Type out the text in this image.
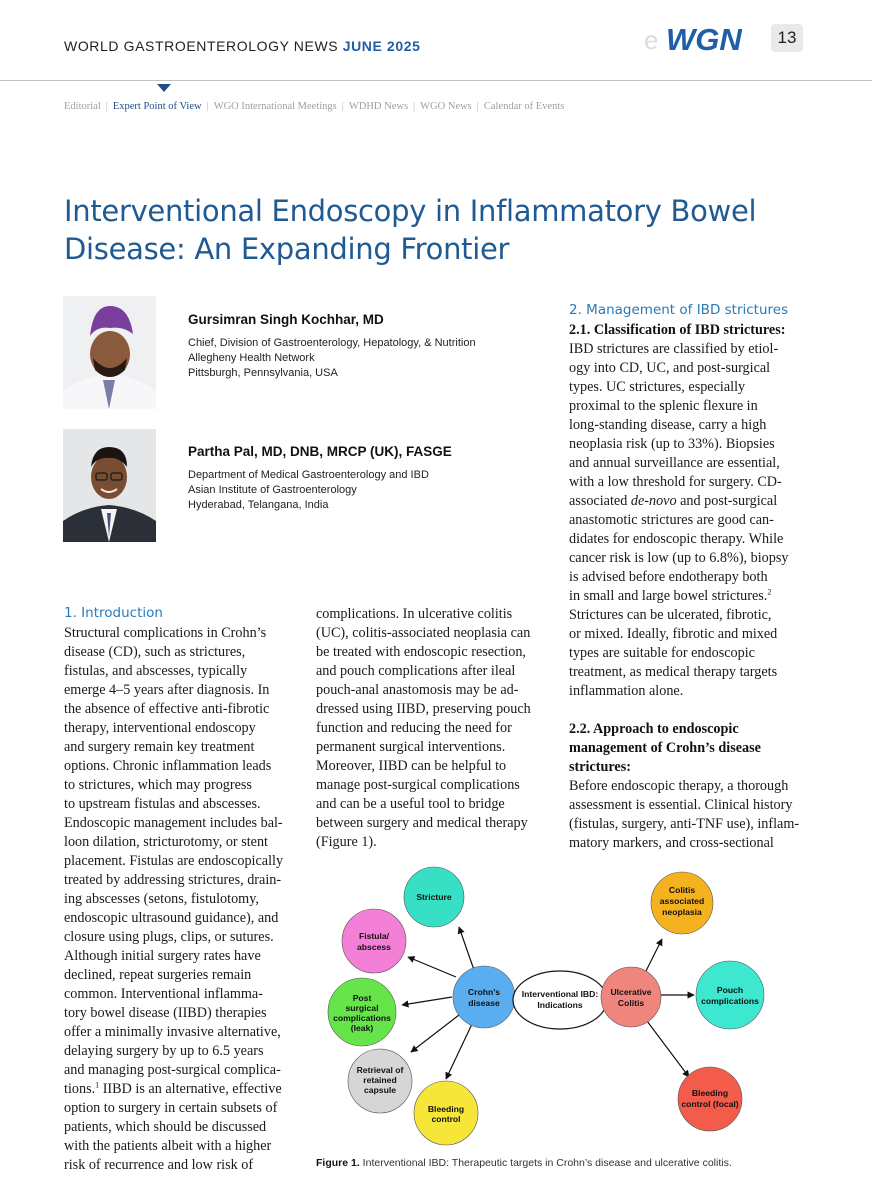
WORLD GASTROENTEROLOGY NEWS JUNE 2025	e WGN	13
Editorial | Expert Point of View | WGO International Meetings | WDHD News | WGO News | Calendar of Events
Interventional Endoscopy in Inflammatory Bowel Disease: An Expanding Frontier
Gursimran Singh Kochhar, MD
Chief, Division of Gastroenterology, Hepatology, & Nutrition
Allegheny Health Network
Pittsburgh, Pennsylvania, USA
Partha Pal, MD, DNB, MRCP (UK), FASGE
Department of Medical Gastroenterology and IBD
Asian Institute of Gastroenterology
Hyderabad, Telangana, India
1. Introduction
Structural complications in Crohn’s
disease (CD), such as strictures,
fistulas, and abscesses, typically
emerge 4–5 years after diagnosis. In
the absence of effective anti-fibrotic
therapy, interventional endoscopy
and surgery remain key treatment
options. Chronic inflammation leads
to strictures, which may progress
to upstream fistulas and abscesses.
Endoscopic management includes bal-
loon dilation, stricturotomy, or stent
placement. Fistulas are endoscopically
treated by addressing strictures, drain-
ing abscesses (setons, fistulotomy,
endoscopic ultrasound guidance), and
closure using plugs, clips, or sutures.
Although initial surgery rates have
declined, repeat surgeries remain
common. Interventional inflamma-
tory bowel disease (IIBD) therapies
offer a minimally invasive alternative,
delaying surgery by up to 6.5 years
and managing post-surgical complica-
tions.$^1$ IIBD is an alternative, effective
option to surgery in certain subsets of
patients, which should be discussed
with the patients albeit with a higher
risk of recurrence and low risk of
complications. In ulcerative colitis
(UC), colitis-associated neoplasia can
be treated with endoscopic resection,
and pouch complications after ileal
pouch-anal anastomosis may be ad-
dressed using IIBD, preserving pouch
function and reducing the need for
permanent surgical interventions.
Moreover, IIBD can be helpful to
manage post-surgical complications
and can be a useful tool to bridge
between surgery and medical therapy
(Figure 1).
2. Management of IBD strictures
2.1. Classification of IBD strictures:
IBD strictures are classified by etiol-
ogy into CD, UC, and post-surgical
types. UC strictures, especially
proximal to the splenic flexure in
long-standing disease, carry a high
neoplasia risk (up to 33%). Biopsies
and annual surveillance are essential,
with a low threshold for surgery. CD-
associated de-novo and post-surgical
anastomotic strictures are good can-
didates for endoscopic therapy. While
cancer risk is low (up to 6.8%), biopsy
is advised before endotherapy both
in small and large bowel strictures.$^2$
Strictures can be ulcerated, fibrotic,
or mixed. Ideally, fibrotic and mixed
types are suitable for endoscopic
treatment, as medical therapy targets
inflammation alone.
2.2. Approach to endoscopic
management of Crohn’s disease
strictures:
Before endoscopic therapy, a thorough
assessment is essential. Clinical history
(fistulas, surgery, anti-TNF use), inflam-
matory markers, and cross-sectional
Stricture
Fistula/
abscess
Post
surgical
complications
(leak)
Retrieval of
retained
capsule
Bleeding
control
Crohn’s
disease
Interventional IBD:
Indications
Ulcerative
Colitis
Colitis
associated
neoplasia
Pouch
complications
Bleeding
control (focal)
Figure 1. Interventional IBD: Therapeutic targets in Crohn’s disease and ulcerative colitis.
